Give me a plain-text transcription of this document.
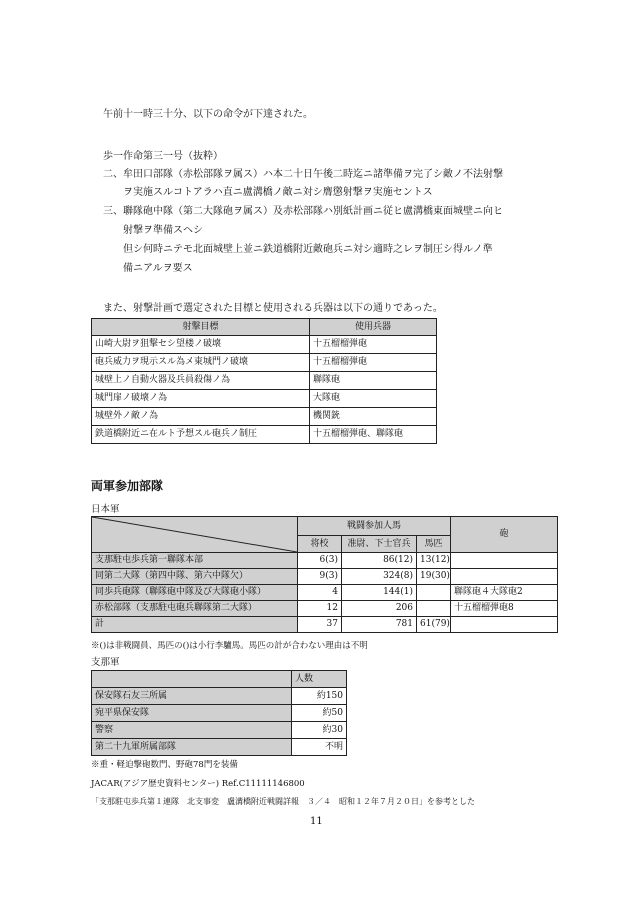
午前十一時三十分、以下の命令が下達された。
歩一作命第三一号（抜粋）
二、牟田口部隊（赤松部隊ヲ属ス）ハ本二十日午後二時迄ニ諸準備ヲ完了シ敵ノ不法射撃
ヲ実施スルコトアラハ直ニ盧溝橋ノ敵ニ対シ膺懲射撃ヲ実施セントス
三、聯隊砲中隊（第二大隊砲ヲ属ス）及赤松部隊ハ別紙計画ニ従ヒ盧溝橋東面城壁ニ向ヒ
射撃ヲ準備スヘシ
但シ何時ニテモ北面城壁上並ニ鉄道橋附近敵砲兵ニ対シ適時之レヲ制圧シ得ルノ準
備ニアルヲ要ス
また、射撃計画で選定された目標と使用される兵器は以下の通りであった。
射撃目標	使用兵器
山崎大尉ヲ狙撃セシ望楼ノ破壊	十五榴榴弾砲
砲兵威力ヲ現示スル為メ東城門ノ破壊	十五榴榴弾砲
城壁上ノ自動火器及兵員殺傷ノ為	聯隊砲
城門扉ノ破壊ノ為	大隊砲
城壁外ノ敵ノ為	機関銃
鉄道橋附近ニ在ルト予想スル砲兵ノ制圧	十五榴榴弾砲、聯隊砲
両軍参加部隊
日本軍
	戦闘参加人馬			砲
	将校	准尉、下士官兵	馬匹	
支那駐屯歩兵第一聯隊本部	6(3)	86(12)	13(12)	
同第二大隊（第四中隊、第六中隊欠）	9(3)	324(8)	19(30)	
同歩兵砲隊（聯隊砲中隊及び大隊砲小隊）	4	144(1)		聯隊砲４大隊砲2
赤松部隊（支那駐屯砲兵聯隊第二大隊）	12	206		十五榴榴弾砲8
計	37	781	61(79)	
※()は非戦闘員、馬匹の()は小行李驢馬。馬匹の計が合わない理由は不明
支那軍
	人数
保安隊石友三所属	約150
宛平県保安隊	約50
警察	約30
第二十九軍所属部隊	不明
※重・軽迫撃砲数門、野砲78門を装備
JACAR(アジア歴史資料センター) Ref.C11111146800
「支那駐屯歩兵第１連隊　北支事変　盧溝橋附近戦闘詳報　３／４　昭和１２年７月２０日」を参考とした
11
